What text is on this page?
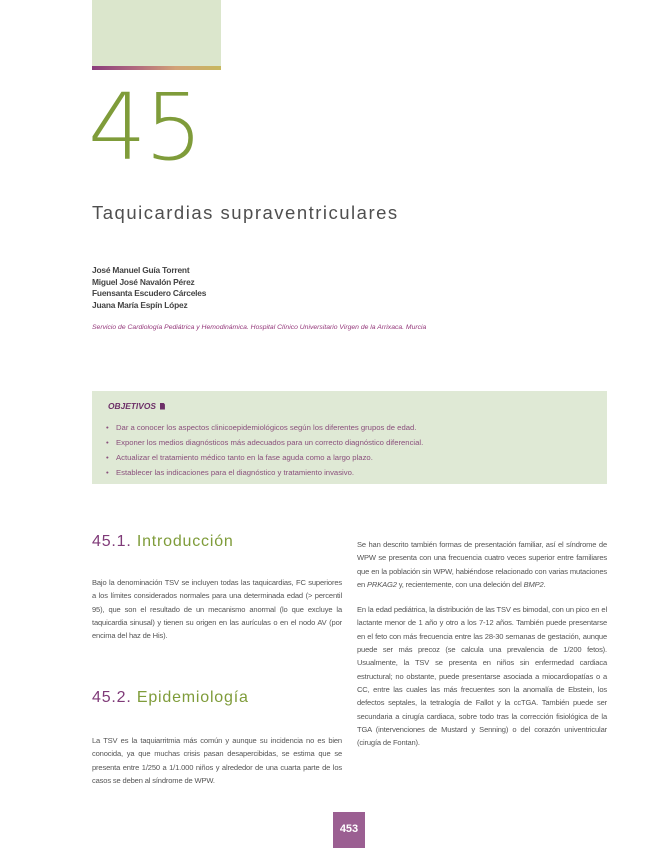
45
Taquicardias supraventriculares
José Manuel Guía Torrent
Miguel José Navalón Pérez
Fuensanta Escudero Cárceles
Juana María Espín López
Servicio de Cardiología Pediátrica y Hemodinámica. Hospital Clínico Universitario Virgen de la Arrixaca. Murcia
OBJETIVOS
• Dar a conocer los aspectos clinicoepidemiológicos según los diferentes grupos de edad.
• Exponer los medios diagnósticos más adecuados para un correcto diagnóstico diferencial.
• Actualizar el tratamiento médico tanto en la fase aguda como a largo plazo.
• Establecer las indicaciones para el diagnóstico y tratamiento invasivo.
45.1. Introducción

Bajo la denominación TSV se incluyen todas las taquicardias, FC superiores a los límites considerados normales para una determinada edad (> percentil 95), que son el resultado de un mecanismo anormal (lo que excluye la taquicardia sinusal) y tienen su origen en las aurículas o en el nodo AV (por encima del haz de His).

45.2. Epidemiología

La TSV es la taquiarritmia más común y aunque su incidencia no es bien conocida, ya que muchas crisis pasan desapercibidas, se estima que se presenta entre 1/250 a 1/1.000 niños y alrededor de una cuarta parte de los casos se deben al síndrome de WPW.

Se han descrito también formas de presentación familiar, así el síndrome de WPW se presenta con una frecuencia cuatro veces superior entre familiares que en la población sin WPW, habiéndose relacionado con varias mutaciones en PRKAG2 y, recientemente, con una deleción del BMP2.

En la edad pediátrica, la distribución de las TSV es bimodal, con un pico en el lactante menor de 1 año y otro a los 7-12 años. También puede presentarse en el feto con más frecuencia entre las 28-30 semanas de gestación, aunque puede ser más precoz (se calcula una prevalencia de 1/200 fetos). Usualmente, la TSV se presenta en niños sin enfermedad cardiaca estructural; no obstante, puede presentarse asociada a miocardiopatías o a CC, entre las cuales las más frecuentes son la anomalía de Ebstein, los defectos septales, la tetralogía de Fallot y la ccTGA. También puede ser secundaria a cirugía cardiaca, sobre todo tras la corrección fisiológica de la TGA (intervenciones de Mustard y Senning) o del corazón univentricular (cirugía de Fontan).

453
